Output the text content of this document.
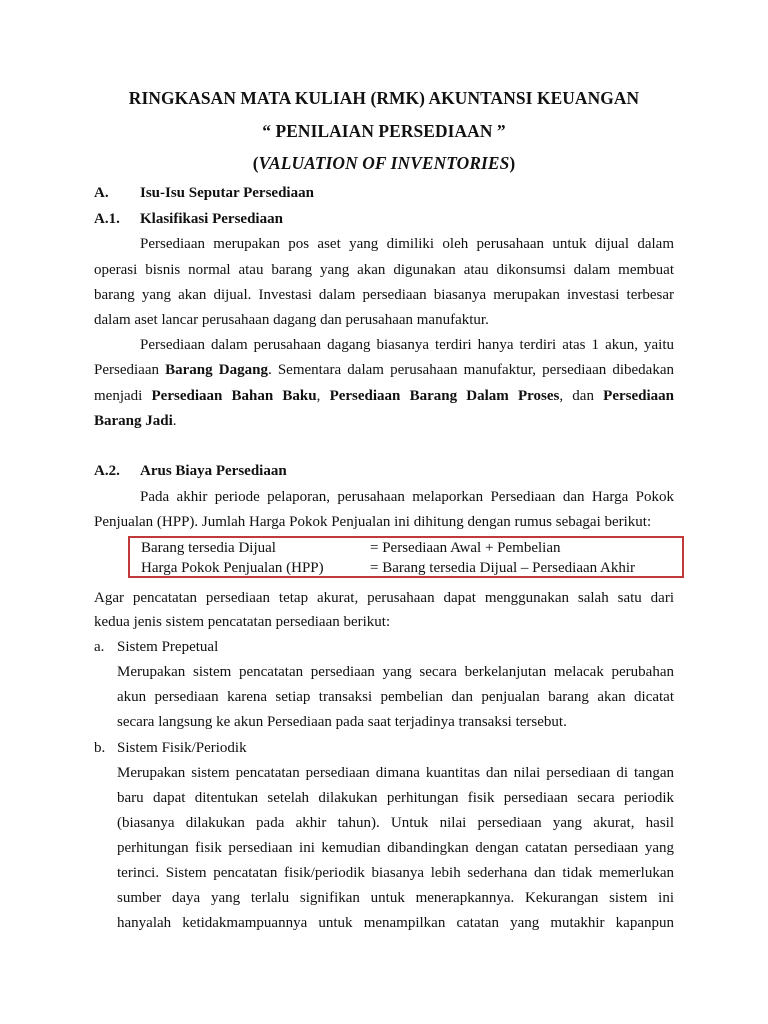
RINGKASAN MATA KULIAH (RMK) AKUNTANSI KEUANGAN
“ PENILAIAN PERSEDIAAN ”
(VALUATION OF INVENTORIES)
A. Isu-Isu Seputar Persediaan
A.1. Klasifikasi Persediaan
Persediaan merupakan pos aset yang dimiliki oleh perusahaan untuk dijual dalam
operasi bisnis normal atau barang yang akan digunakan atau dikonsumsi dalam membuat
barang yang akan dijual. Investasi dalam persediaan biasanya merupakan investasi terbesar
dalam aset lancar perusahaan dagang dan perusahaan manufaktur.
Persediaan dalam perusahaan dagang biasanya terdiri hanya terdiri atas 1 akun, yaitu
Persediaan Barang Dagang. Sementara dalam perusahaan manufaktur, persediaan dibedakan
menjadi Persediaan Bahan Baku, Persediaan Barang Dalam Proses, dan Persediaan
Barang Jadi.
A.2. Arus Biaya Persediaan
Pada akhir periode pelaporan, perusahaan melaporkan Persediaan dan Harga Pokok
Penjualan (HPP). Jumlah Harga Pokok Penjualan ini dihitung dengan rumus sebagai berikut:
Barang tersedia Dijual	= Persediaan Awal + Pembelian
Harga Pokok Penjualan (HPP)	= Barang tersedia Dijual – Persediaan Akhir
Agar pencatatan persediaan tetap akurat, perusahaan dapat menggunakan salah satu dari
kedua jenis sistem pencatatan persediaan berikut:
a. Sistem Prepetual
Merupakan sistem pencatatan persediaan yang secara berkelanjutan melacak perubahan
akun persediaan karena setiap transaksi pembelian dan penjualan barang akan dicatat
secara langsung ke akun Persediaan pada saat terjadinya transaksi tersebut.
b. Sistem Fisik/Periodik
Merupakan sistem pencatatan persediaan dimana kuantitas dan nilai persediaan di tangan
baru dapat ditentukan setelah dilakukan perhitungan fisik persediaan secara periodik
(biasanya dilakukan pada akhir tahun). Untuk nilai persediaan yang akurat, hasil
perhitungan fisik persediaan ini kemudian dibandingkan dengan catatan persediaan yang
terinci. Sistem pencatatan fisik/periodik biasanya lebih sederhana dan tidak memerlukan
sumber daya yang terlalu signifikan untuk menerapkannya. Kekurangan sistem ini
hanyalah ketidakmampuannya untuk menampilkan catatan yang mutakhir kapanpun
